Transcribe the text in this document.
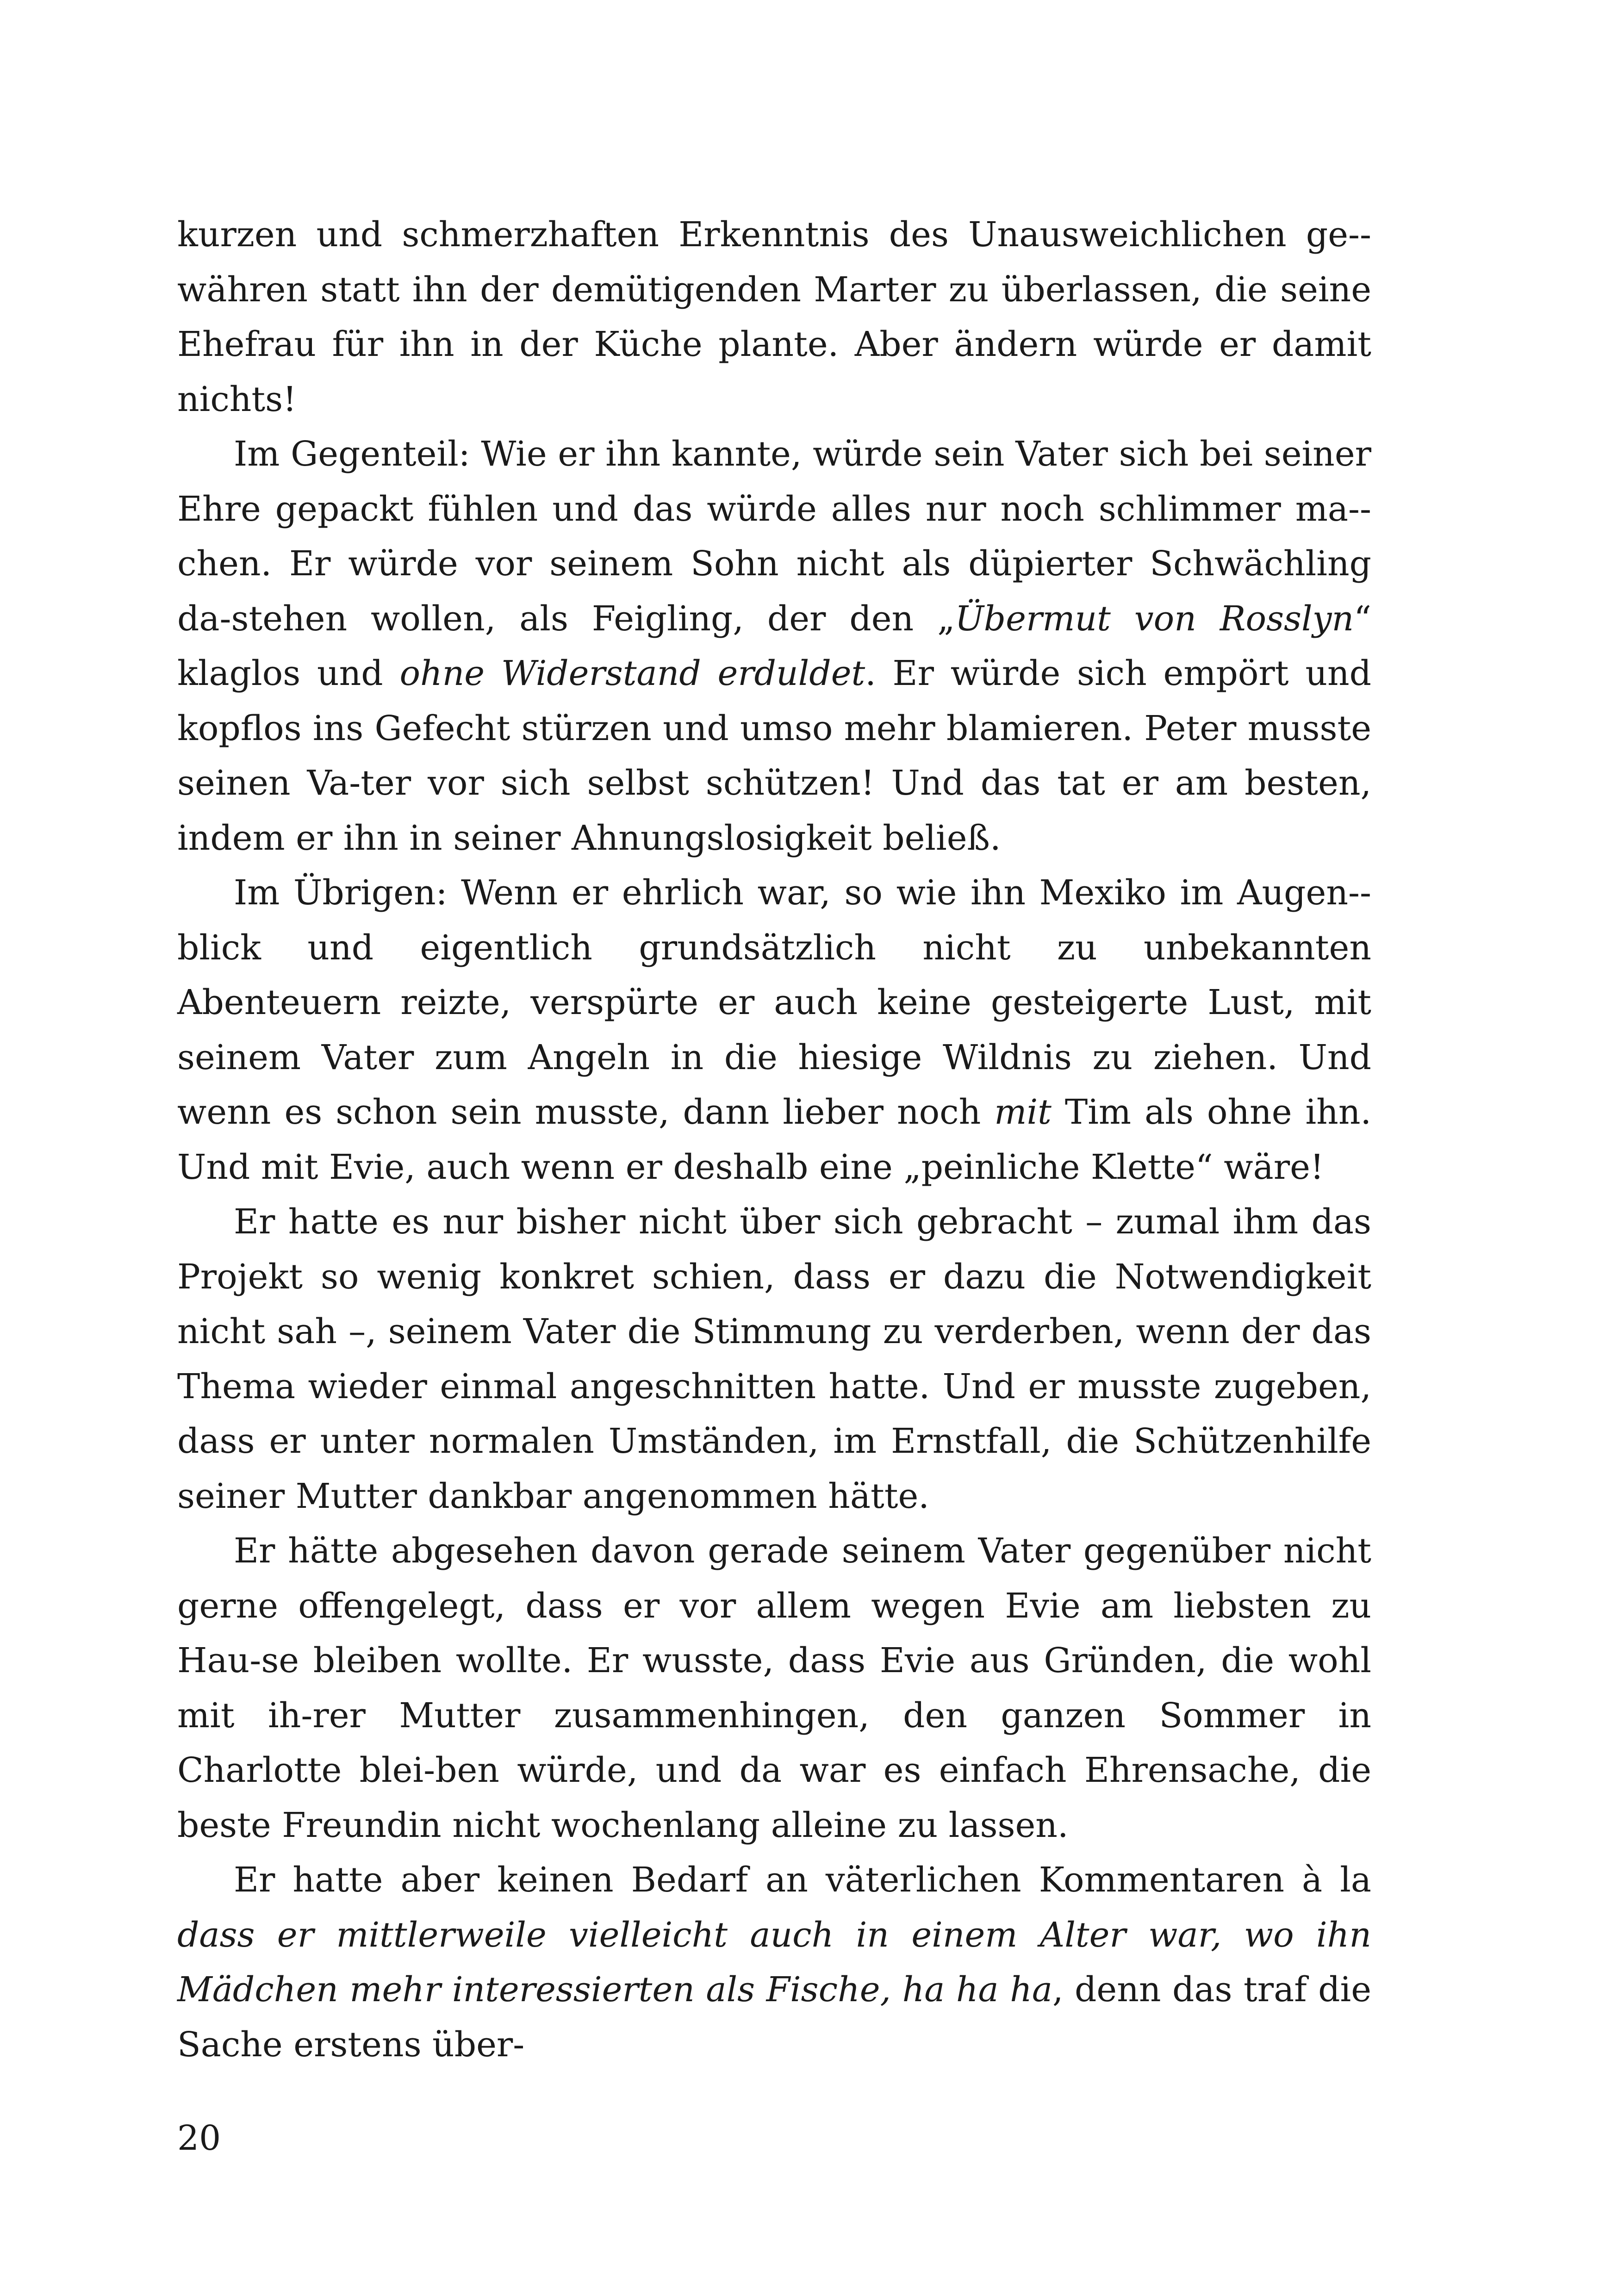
kurzen und schmerzhaften Erkenntnis des Unausweichlichen ge-währen statt ihn der demütigenden Marter zu überlassen, die seine Ehefrau für ihn in der Küche plante. Aber ändern würde er damit nichts!

Im Gegenteil: Wie er ihn kannte, würde sein Vater sich bei seiner Ehre gepackt fühlen und das würde alles nur noch schlimmer ma-chen. Er würde vor seinem Sohn nicht als düpierter Schwächling da-stehen wollen, als Feigling, der den „Übermut von Rosslyn“ klaglos und ohne Widerstand erduldet. Er würde sich empört und kopflos ins Gefecht stürzen und umso mehr blamieren. Peter musste seinen Va-ter vor sich selbst schützen! Und das tat er am besten, indem er ihn in seiner Ahnungslosigkeit beließ.

Im Übrigen: Wenn er ehrlich war, so wie ihn Mexiko im Augen-blick und eigentlich grundsätzlich nicht zu unbekannten Abenteuern reizte, verspürte er auch keine gesteigerte Lust, mit seinem Vater zum Angeln in die hiesige Wildnis zu ziehen. Und wenn es schon sein musste, dann lieber noch mit Tim als ohne ihn. Und mit Evie, auch wenn er deshalb eine „peinliche Klette“ wäre!

Er hatte es nur bisher nicht über sich gebracht – zumal ihm das Projekt so wenig konkret schien, dass er dazu die Notwendigkeit nicht sah –, seinem Vater die Stimmung zu verderben, wenn der das Thema wieder einmal angeschnitten hatte. Und er musste zugeben, dass er unter normalen Umständen, im Ernstfall, die Schützenhilfe seiner Mutter dankbar angenommen hätte.

Er hätte abgesehen davon gerade seinem Vater gegenüber nicht gerne offengelegt, dass er vor allem wegen Evie am liebsten zu Hau-se bleiben wollte. Er wusste, dass Evie aus Gründen, die wohl mit ih-rer Mutter zusammenhingen, den ganzen Sommer in Charlotte blei-ben würde, und da war es einfach Ehrensache, die beste Freundin nicht wochenlang alleine zu lassen.

Er hatte aber keinen Bedarf an väterlichen Kommentaren à la dass er mittlerweile vielleicht auch in einem Alter war, wo ihn Mädchen mehr interessierten als Fische, ha ha ha, denn das traf die Sache erstens über-

20
